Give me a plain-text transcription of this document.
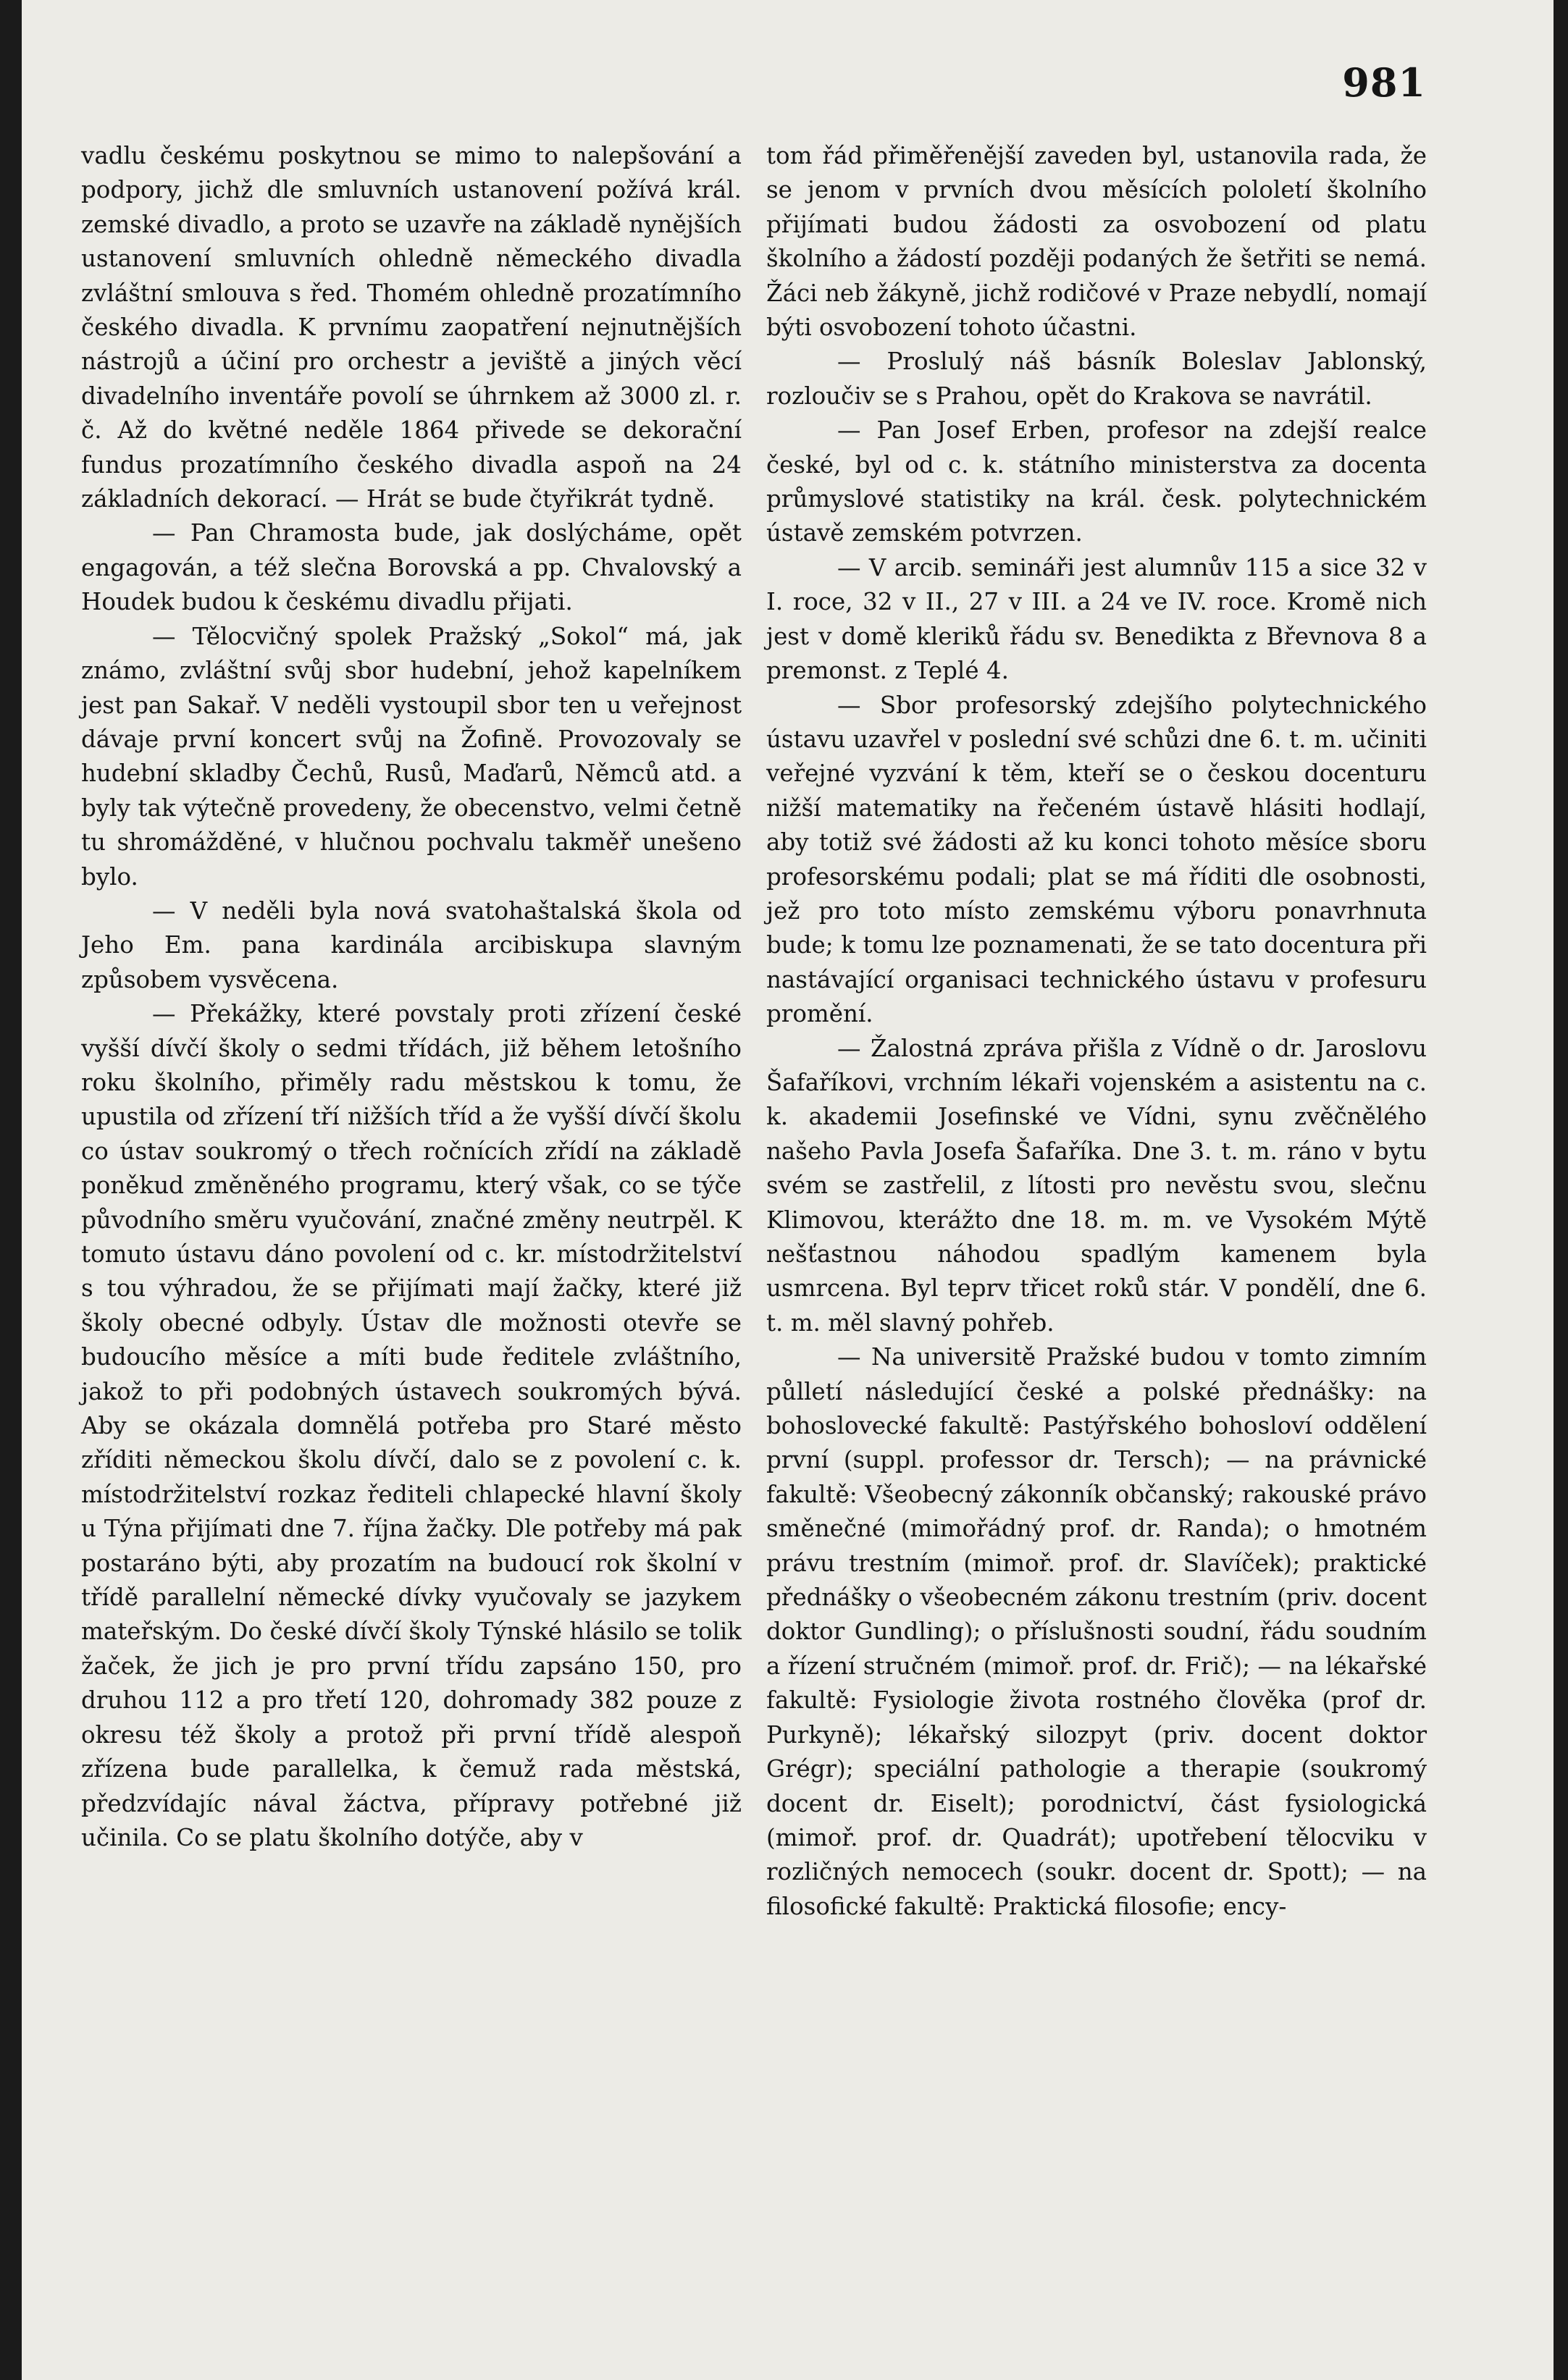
981

vadlu českému poskytnou se mimo to nalepšování a podpory, jichž dle smluvních ustanovení požívá král. zemské divadlo, a proto se uzavře na základě nynějších ustanovení smluvních ohledně německého divadla zvláštní smlouva s řed. Thomém ohledně prozatímního českého divadla. K prvnímu zaopatření nejnutnějších nástrojů a účiní pro orchestr a jeviště a jiných věcí divadelního inventáře povolí se úhrnkem až 3000 zl. r. č. Až do květné neděle 1864 přivede se dekorační fundus prozatímního českého divadla aspoň na 24 základních dekorací. — Hrát se bude čtyřikrát tydně.

— Pan Chramosta bude, jak doslýcháme, opět engagován, a též slečna Borovská a pp. Chvalovský a Houdek budou k českému divadlu přijati.

— Tělocvičný spolek Pražský „Sokol“ má, jak známo, zvláštní svůj sbor hudební, jehož kapelníkem jest pan Sakař. V neděli vystoupil sbor ten u veřejnost dávaje první koncert svůj na Žofině. Provozovaly se hudební skladby Čechů, Rusů, Maďarů, Němců atd. a byly tak výtečně provedeny, že obecenstvo, velmi četně tu shromážděné, v hlučnou pochvalu takměř unešeno bylo.

— V neděli byla nová svatohaštalská škola od Jeho Em. pana kardinála arcibiskupa slavným způsobem vysvěcena.

— Překážky, které povstaly proti zřízení české vyšší dívčí školy o sedmi třídách, již během letošního roku školního, přiměly radu městskou k tomu, že upustila od zřízení tří nižších tříd a že vyšší dívčí školu co ústav soukromý o třech ročnících zřídí na základě poněkud změněného programu, který však, co se týče původního směru vyučování, značné změny neutrpěl. K tomuto ústavu dáno povolení od c. kr. místodržitelství s tou výhradou, že se přijímati mají žačky, které již školy obecné odbyly. Ústav dle možnosti otevře se budoucího měsíce a míti bude ředitele zvláštního, jakož to při podobných ústavech soukromých bývá. Aby se okázala domnělá potřeba pro Staré město zříditi německou školu dívčí, dalo se z povolení c. k. místodržitelství rozkaz řediteli chlapecké hlavní školy u Týna přijímati dne 7. října žačky. Dle potřeby má pak postaráno býti, aby prozatím na budoucí rok školní v třídě parallelní německé dívky vyučovaly se jazykem mateřským. Do české dívčí školy Týnské hlásilo se tolik žaček, že jich je pro první třídu zapsáno 150, pro druhou 112 a pro třetí 120, dohromady 382 pouze z okresu též školy a protož při první třídě alespoň zřízena bude parallelka, k čemuž rada městská, předzvídajíc nával žáctva, přípravy potřebné již učinila. Co se platu školního dotýče, aby v

tom řád přiměřenější zaveden byl, ustanovila rada, že se jenom v prvních dvou měsících pololetí školního přijímati budou žádosti za osvobození od platu školního a žádostí později podaných že šetřiti se nemá. Žáci neb žákyně, jichž rodičové v Praze nebydlí, nomají býti osvobození tohoto účastni.

— Proslulý náš básník Boleslav Jablonský, rozloučiv se s Prahou, opět do Krakova se navrátil.

— Pan Josef Erben, profesor na zdejší realce české, byl od c. k. státního ministerstva za docenta průmyslové statistiky na král. česk. polytechnickém ústavě zemském potvrzen.

— V arcib. semináři jest alumnův 115 a sice 32 v I. roce, 32 v II., 27 v III. a 24 ve IV. roce. Kromě nich jest v domě kleriků řádu sv. Benedikta z Břevnova 8 a premonst. z Teplé 4.

— Sbor profesorský zdejšího polytechnického ústavu uzavřel v poslední své schůzi dne 6. t. m. učiniti veřejné vyzvání k těm, kteří se o českou docenturu nižší matematiky na řečeném ústavě hlásiti hodlají, aby totiž své žádosti až ku konci tohoto měsíce sboru profesorskému podali; plat se má říditi dle osobnosti, jež pro toto místo zemskému výboru ponavrhnuta bude; k tomu lze poznamenati, že se tato docentura při nastávající organisaci technického ústavu v profesuru promění.

— Žalostná zpráva přišla z Vídně o dr. Jaroslovu Šafaříkovi, vrchním lékaři vojenském a asistentu na c. k. akademii Josefinské ve Vídni, synu zvěčnělého našeho Pavla Josefa Šafaříka. Dne 3. t. m. ráno v bytu svém se zastřelil, z lítosti pro nevěstu svou, slečnu Klimovou, kterážto dne 18. m. m. ve Vysokém Mýtě nešťastnou náhodou spadlým kamenem byla usmrcena. Byl teprv třicet roků stár. V pondělí, dne 6. t. m. měl slavný pohřeb.

— Na universitě Pražské budou v tomto zimním půlletí následující české a polské přednášky: na bohoslovecké fakultě: Pastýřského bohosloví oddělení první (suppl. professor dr. Tersch); — na právnické fakultě: Všeobecný zákonník občanský; rakouské právo směnečné (mimořádný prof. dr. Randa); o hmotném právu trestním (mimoř. prof. dr. Slavíček); praktické přednášky o všeobecném zákonu trestním (priv. docent doktor Gundling); o příslušnosti soudní, řádu soudním a řízení stručném (mimoř. prof. dr. Frič); — na lékařské fakultě: Fysiologie života rostného člověka (prof dr. Purkyně); lékařský silozpyt (priv. docent doktor Grégr); speciální pathologie a therapie (soukromý docent dr. Eiselt); porodnictví, část fysiologická (mimoř. prof. dr. Quadrát); upotřebení tělocviku v rozličných nemocech (soukr. docent dr. Spott); — na filosofické fakultě: Praktická filosofie; ency-
